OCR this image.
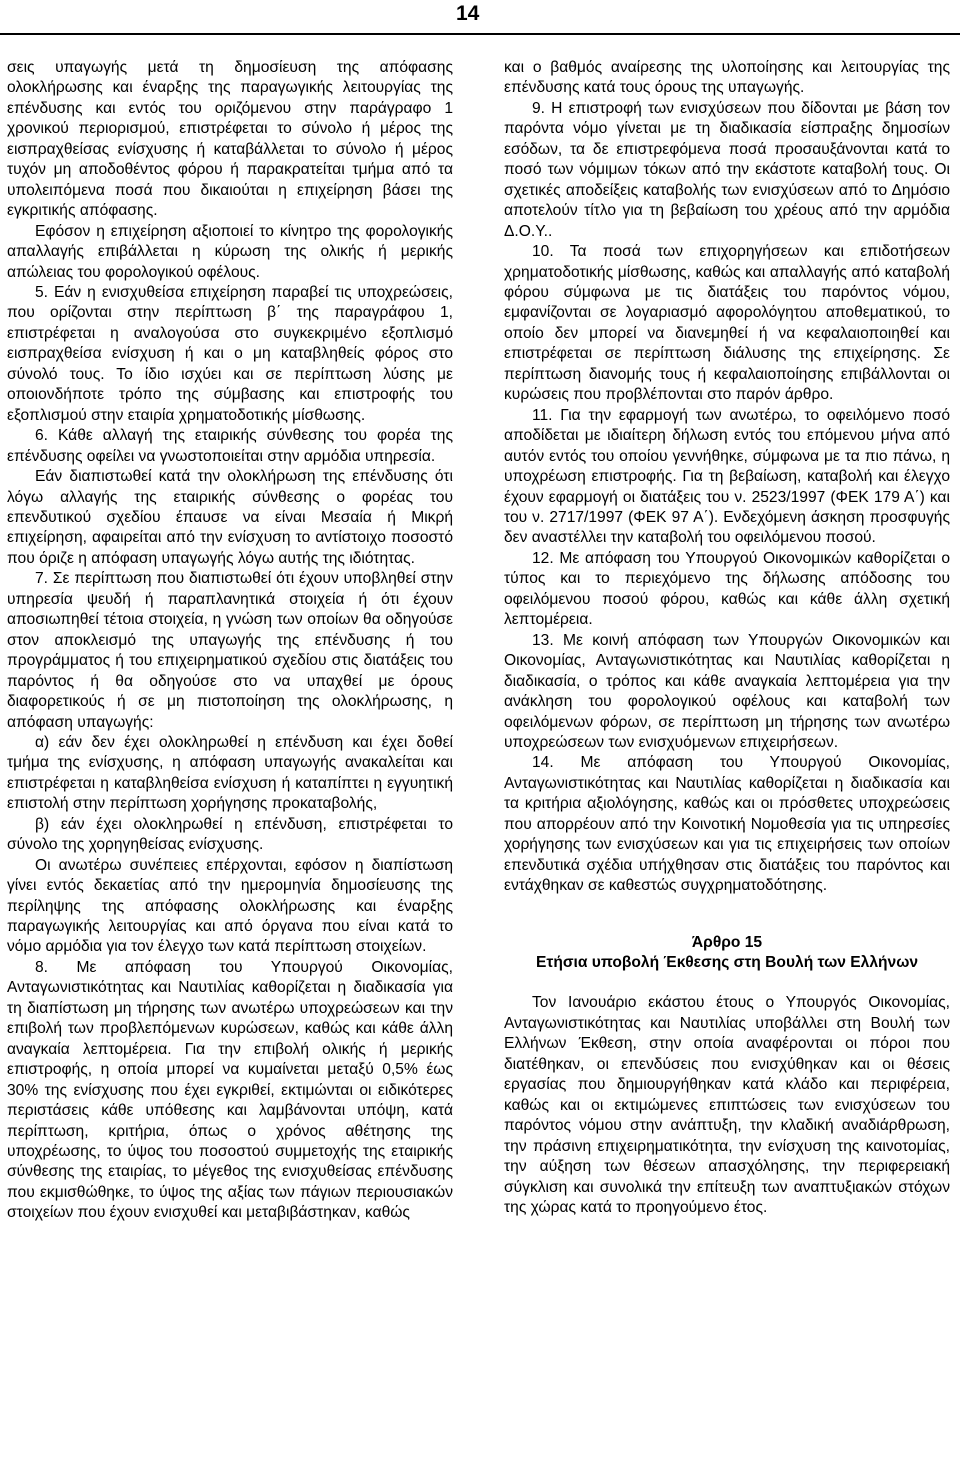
14

σεις υπαγωγής μετά τη δημοσίευση της απόφασης ολοκλήρωσης και έναρξης της παραγωγικής λειτουργίας της επένδυσης και εντός του οριζόμενου στην παράγραφο 1 χρονικού περιορισμού, επιστρέφεται το σύνολο ή μέρος της εισπραχθείσας ενίσχυσης ή καταβάλλεται το σύνολο ή μέρος τυχόν μη αποδοθέντος φόρου ή παρακρατείται τμήμα από τα υπολειπόμενα ποσά που δικαιούται η επιχείρηση βάσει της εγκριτικής απόφασης.

Εφόσον η επιχείρηση αξιοποιεί το κίνητρο της φορολογικής απαλλαγής επιβάλλεται η κύρωση της ολικής ή μερικής απώλειας του φορολογικού οφέλους.

5. Εάν η ενισχυθείσα επιχείρηση παραβεί τις υποχρεώσεις, που ορίζονται στην περίπτωση β΄ της παραγράφου 1, επιστρέφεται η αναλογούσα στο συγκεκριμένο εξοπλισμό εισπραχθείσα ενίσχυση ή και ο μη καταβληθείς φόρος στο σύνολό τους. Το ίδιο ισχύει και σε περίπτωση λύσης με οποιονδήποτε τρόπο της σύμβασης και επιστροφής του εξοπλισμού στην εταιρία χρηματοδοτικής μίσθωσης.

6. Κάθε αλλαγή της εταιρικής σύνθεσης του φορέα της επένδυσης οφείλει να γνωστοποιείται στην αρμόδια υπηρεσία.

Εάν διαπιστωθεί κατά την ολοκλήρωση της επένδυσης ότι λόγω αλλαγής της εταιρικής σύνθεσης ο φορέας του επενδυτικού σχεδίου έπαυσε να είναι Μεσαία ή Μικρή επιχείρηση, αφαιρείται από την ενίσχυση το αντίστοιχο ποσοστό που όριζε η απόφαση υπαγωγής λόγω αυτής της ιδιότητας.

7. Σε περίπτωση που διαπιστωθεί ότι έχουν υποβληθεί στην υπηρεσία ψευδή ή παραπλανητικά στοιχεία ή ότι έχουν αποσιωπηθεί τέτοια στοιχεία, η γνώση των οποίων θα οδηγούσε στον αποκλεισμό της υπαγωγής της επένδυσης ή του προγράμματος ή του επιχειρηματικού σχεδίου στις διατάξεις του παρόντος ή θα οδηγούσε στο να υπαχθεί με όρους διαφορετικούς ή σε μη πιστοποίηση της ολοκλήρωσης, η απόφαση υπαγωγής:

α) εάν δεν έχει ολοκληρωθεί η επένδυση και έχει δοθεί τμήμα της ενίσχυσης, η απόφαση υπαγωγής ανακαλείται και επιστρέφεται η καταβληθείσα ενίσχυση ή καταπίπτει η εγγυητική επιστολή στην περίπτωση χορήγησης προκαταβολής,

β) εάν έχει ολοκληρωθεί η επένδυση, επιστρέφεται το σύνολο της χορηγηθείσας ενίσχυσης.

Οι ανωτέρω συνέπειες επέρχονται, εφόσον η διαπίστωση γίνει εντός δεκαετίας από την ημερομηνία δημοσίευσης της περίληψης της απόφασης ολοκλήρωσης και έναρξης παραγωγικής λειτουργίας και από όργανα που είναι κατά το νόμο αρμόδια για τον έλεγχο των κατά περίπτωση στοιχείων.

8. Με απόφαση του Υπουργού Οικονομίας, Ανταγωνιστικότητας και Ναυτιλίας καθορίζεται η διαδικασία για τη διαπίστωση μη τήρησης των ανωτέρω υποχρεώσεων και την επιβολή των προβλεπόμενων κυρώσεων, καθώς και κάθε άλλη αναγκαία λεπτομέρεια. Για την επιβολή ολικής ή μερικής επιστροφής, η οποία μπορεί να κυμαίνεται μεταξύ 0,5% έως 30% της ενίσχυσης που έχει εγκριθεί, εκτιμώνται οι ειδικότερες περιστάσεις κάθε υπόθεσης και λαμβάνονται υπόψη, κατά περίπτωση, κριτήρια, όπως ο χρόνος αθέτησης της υποχρέωσης, το ύψος του ποσοστού συμμετοχής της εταιρικής σύνθεσης της εταιρίας, το μέγεθος της ενισχυθείσας επένδυσης που εκμισθώθηκε, το ύψος της αξίας των πάγιων περιουσιακών στοιχείων που έχουν ενισχυθεί και μεταβιβάστηκαν, καθώς

και ο βαθμός αναίρεσης της υλοποίησης και λειτουργίας της επένδυσης κατά τους όρους της υπαγωγής.

9. Η επιστροφή των ενισχύσεων που δίδονται με βάση τον παρόντα νόμο γίνεται με τη διαδικασία είσπραξης δημοσίων εσόδων, τα δε επιστρεφόμενα ποσά προσαυξάνονται κατά το ποσό των νόμιμων τόκων από την εκάστοτε καταβολή τους. Οι σχετικές αποδείξεις καταβολής των ενισχύσεων από το Δημόσιο αποτελούν τίτλο για τη βεβαίωση του χρέους από την αρμόδια Δ.Ο.Υ..

10. Τα ποσά των επιχορηγήσεων και επιδοτήσεων χρηματοδοτικής μίσθωσης, καθώς και απαλλαγής από καταβολή φόρου σύμφωνα με τις διατάξεις του παρόντος νόμου, εμφανίζονται σε λογαριασμό αφορολόγητου αποθεματικού, το οποίο δεν μπορεί να διανεμηθεί ή να κεφαλαιοποιηθεί και επιστρέφεται σε περίπτωση διάλυσης της επιχείρησης. Σε περίπτωση διανομής τους ή κεφαλαιοποίησης επιβάλλονται οι κυρώσεις που προβλέπονται στο παρόν άρθρο.

11. Για την εφαρμογή των ανωτέρω, το οφειλόμενο ποσό αποδίδεται με ιδιαίτερη δήλωση εντός του επόμενου μήνα από αυτόν εντός του οποίου γεννήθηκε, σύμφωνα με τα πιο πάνω, η υποχρέωση επιστροφής. Για τη βεβαίωση, καταβολή και έλεγχο έχουν εφαρμογή οι διατάξεις του ν. 2523/1997 (ΦΕΚ 179 Α΄) και του ν. 2717/1997 (ΦΕΚ 97 Α΄). Ενδεχόμενη άσκηση προσφυγής δεν αναστέλλει την καταβολή του οφειλόμενου ποσού.

12. Με απόφαση του Υπουργού Οικονομικών καθορίζεται ο τύπος και το περιεχόμενο της δήλωσης απόδοσης του οφειλόμενου ποσού φόρου, καθώς και κάθε άλλη σχετική λεπτομέρεια.

13. Με κοινή απόφαση των Υπουργών Οικονομικών και Οικονομίας, Ανταγωνιστικότητας και Ναυτιλίας καθορίζεται η διαδικασία, ο τρόπος και κάθε αναγκαία λεπτομέρεια για την ανάκληση του φορολογικού οφέλους και καταβολή των οφειλόμενων φόρων, σε περίπτωση μη τήρησης των ανωτέρω υποχρεώσεων των ενισχυόμενων επιχειρήσεων.

14. Με απόφαση του Υπουργού Οικονομίας, Ανταγωνιστικότητας και Ναυτιλίας καθορίζεται η διαδικασία και τα κριτήρια αξιολόγησης, καθώς και οι πρόσθετες υποχρεώσεις που απορρέουν από την Κοινοτική Νομοθεσία για τις υπηρεσίες χορήγησης των ενισχύσεων και για τις επιχειρήσεις των οποίων επενδυτικά σχέδια υπήχθησαν στις διατάξεις του παρόντος και εντάχθηκαν σε καθεστώς συγχρηματοδότησης.

Άρθρο 15
Ετήσια υποβολή Έκθεσης στη Βουλή των Ελλήνων

Τον Ιανουάριο εκάστου έτους ο Υπουργός Οικονομίας, Ανταγωνιστικότητας και Ναυτιλίας υποβάλλει στη Βουλή των Ελλήνων Έκθεση, στην οποία αναφέρονται οι πόροι που διατέθηκαν, οι επενδύσεις που ενισχύθηκαν και οι θέσεις εργασίας που δημιουργήθηκαν κατά κλάδο και περιφέρεια, καθώς και οι εκτιμώμενες επιπτώσεις των ενισχύσεων του παρόντος νόμου στην ανάπτυξη, την κλαδική αναδιάρθρωση, την πράσινη επιχειρηματικότητα, την ενίσχυση της καινοτομίας, την αύξηση των θέσεων απασχόλησης, την περιφερειακή σύγκλιση και συνολικά την επίτευξη των αναπτυξιακών στόχων της χώρας κατά το προηγούμενο έτος.
